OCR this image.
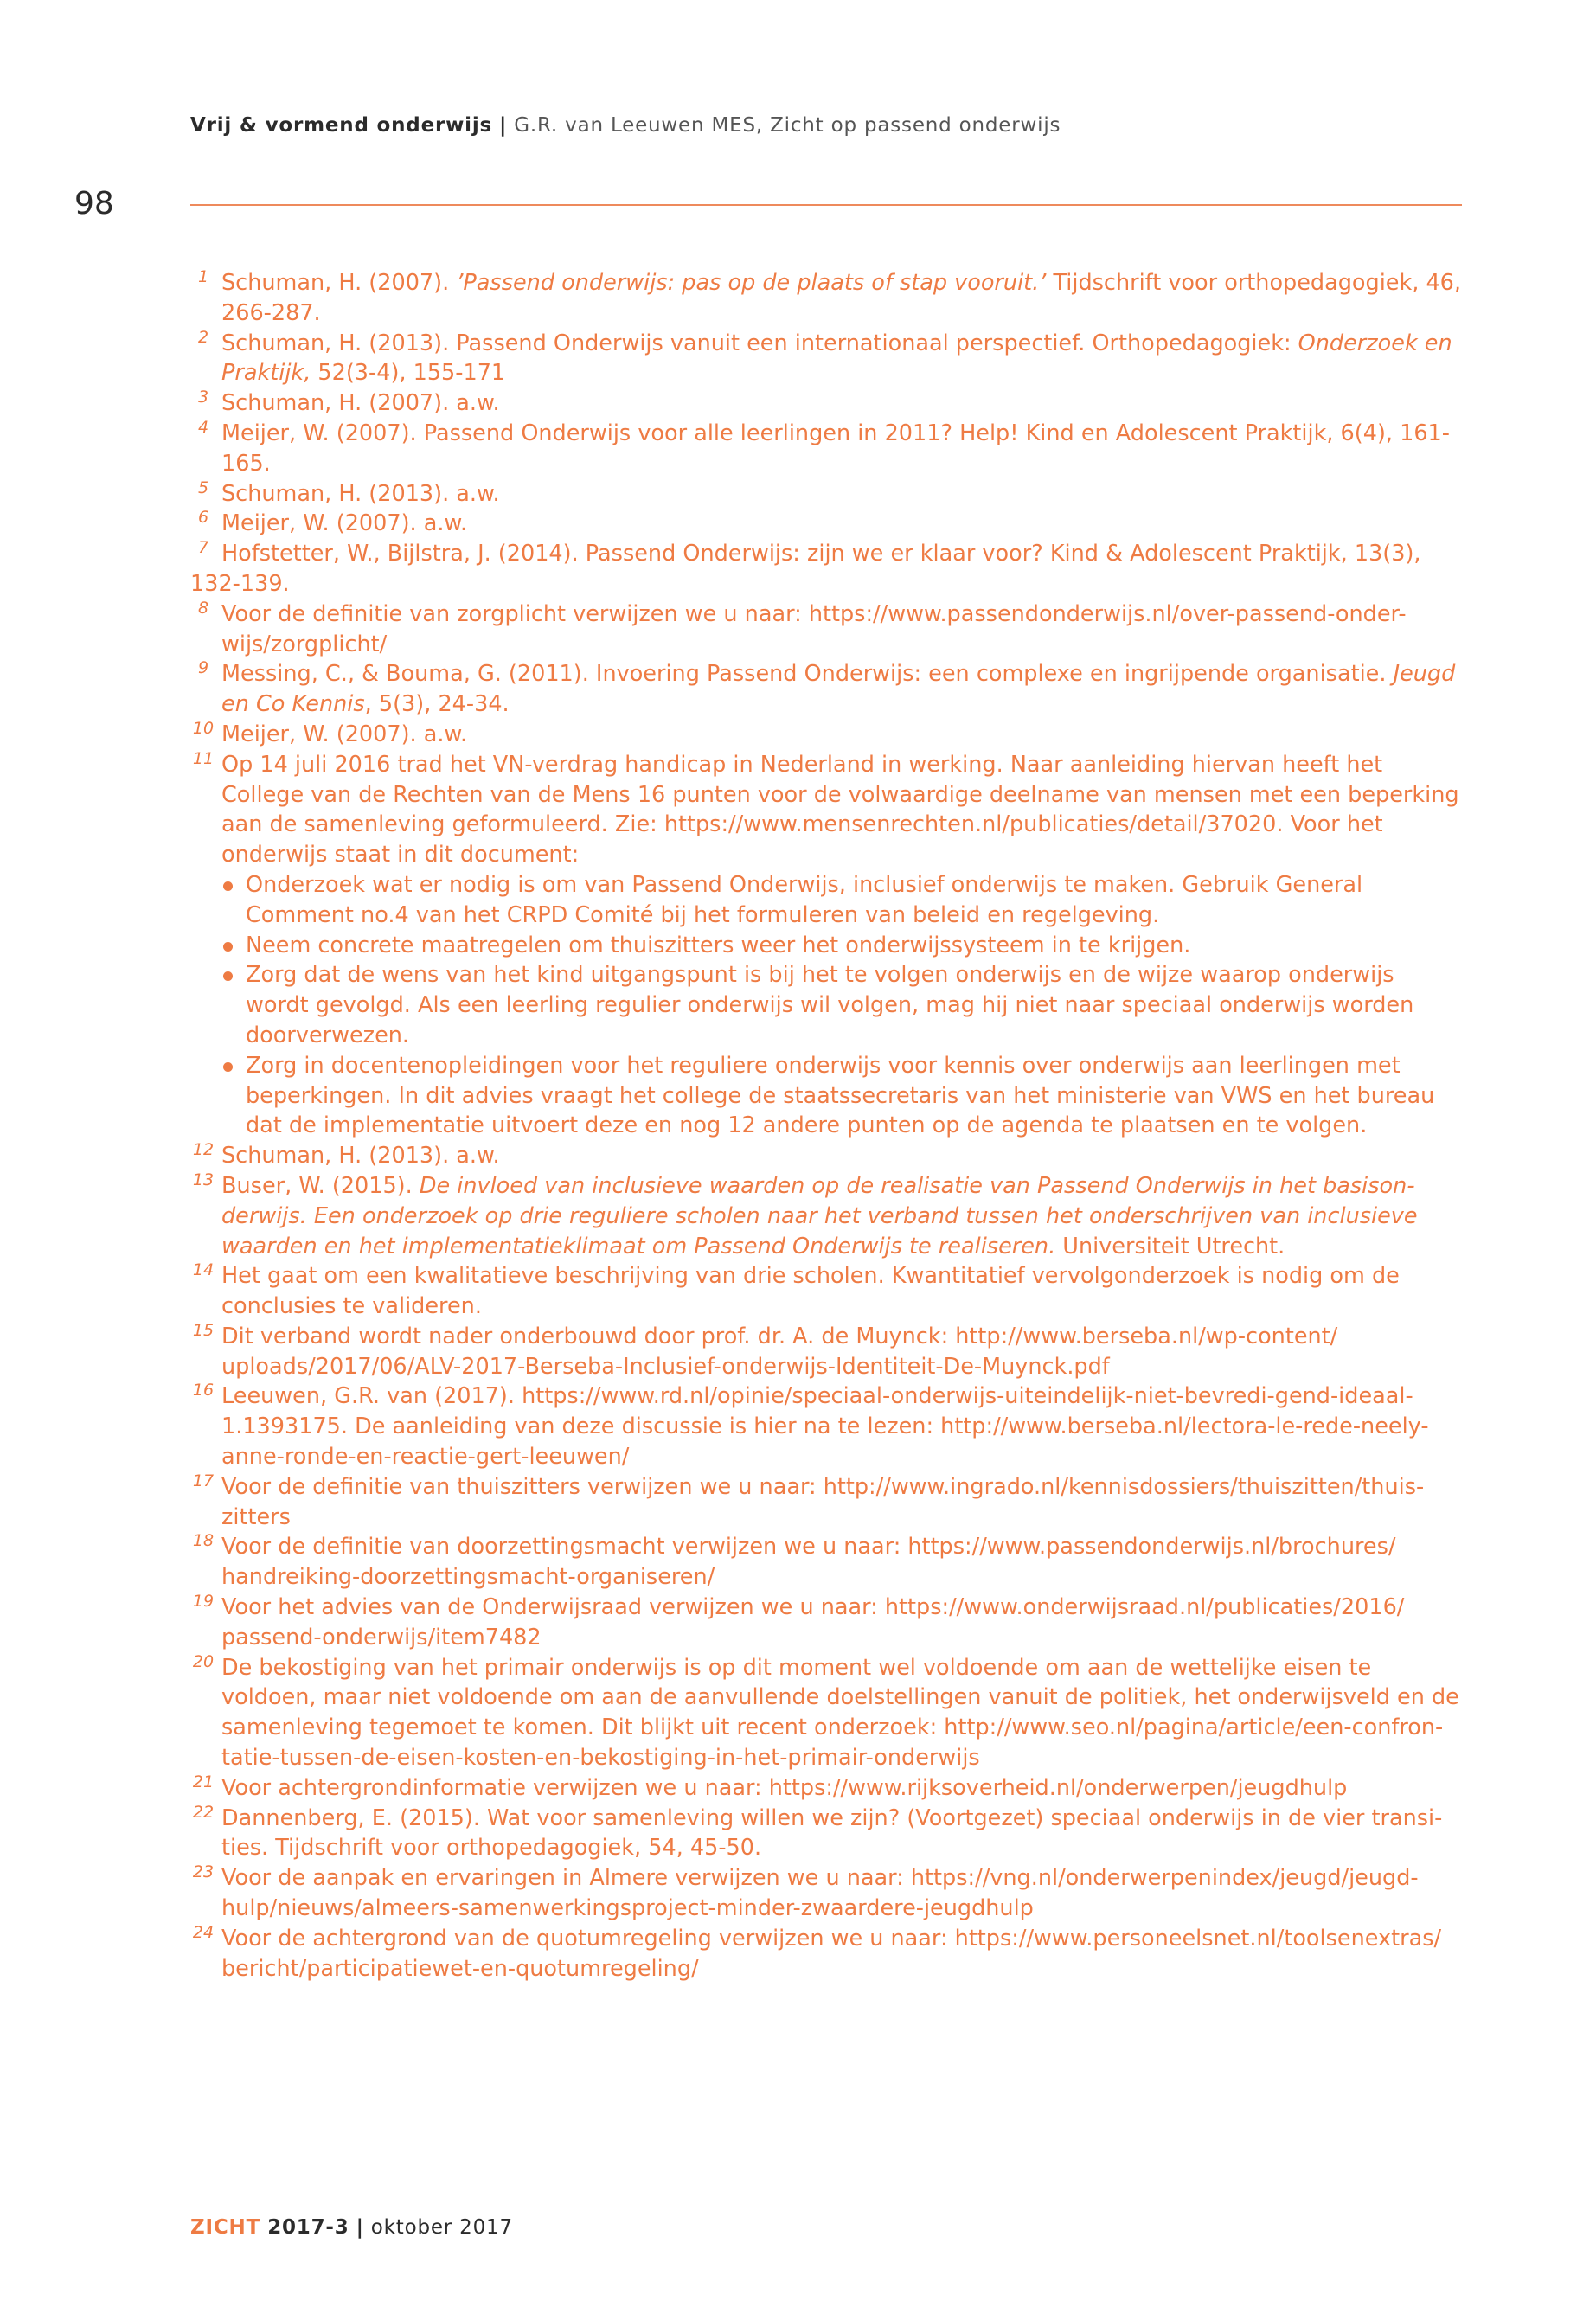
Vrij & vormend onderwijs | G.R. van Leeuwen MES, Zicht op passend onderwijs
98
1 Schuman, H. (2007). ’Passend onderwijs: pas op de plaats of stap vooruit.’ Tijdschrift voor orthopedagogiek, 46, 266-287.
2 Schuman, H. (2013). Passend Onderwijs vanuit een internationaal perspectief. Orthopedagogiek: Onderzoek en Praktijk, 52(3-4), 155-171
3 Schuman, H. (2007). a.w.
4 Meijer, W. (2007). Passend Onderwijs voor alle leerlingen in 2011? Help! Kind en Adolescent Praktijk, 6(4), 161-165.
5 Schuman, H. (2013). a.w.
6 Meijer, W. (2007). a.w.
7 Hofstetter, W., Bijlstra, J. (2014). Passend Onderwijs: zijn we er klaar voor? Kind & Adolescent Praktijk, 13(3),
132-139.
8 Voor de definitie van zorgplicht verwijzen we u naar: https://www.passendonderwijs.nl/over-passend-onder-wijs/zorgplicht/
9 Messing, C., & Bouma, G. (2011). Invoering Passend Onderwijs: een complexe en ingrijpende organisatie. Jeugd en Co Kennis, 5(3), 24-34.
10 Meijer, W. (2007). a.w.
11 Op 14 juli 2016 trad het VN-verdrag handicap in Nederland in werking. Naar aanleiding hiervan heeft het College van de Rechten van de Mens 16 punten voor de volwaardige deelname van mensen met een beperking aan de samenleving geformuleerd. Zie: https://www.mensenrechten.nl/publicaties/detail/37020. Voor het onderwijs staat in dit document:
Onderzoek wat er nodig is om van Passend Onderwijs, inclusief onderwijs te maken. Gebruik General Comment no.4 van het CRPD Comité bij het formuleren van beleid en regelgeving.
Neem concrete maatregelen om thuiszitters weer het onderwijssysteem in te krijgen.
Zorg dat de wens van het kind uitgangspunt is bij het te volgen onderwijs en de wijze waarop onderwijs wordt gevolgd. Als een leerling regulier onderwijs wil volgen, mag hij niet naar speciaal onderwijs worden doorverwezen.
Zorg in docentenopleidingen voor het reguliere onderwijs voor kennis over onderwijs aan leerlingen met beperkingen. In dit advies vraagt het college de staatssecretaris van het ministerie van VWS en het bureau dat de implementatie uitvoert deze en nog 12 andere punten op de agenda te plaatsen en te volgen.
12 Schuman, H. (2013). a.w.
13 Buser, W. (2015). De invloed van inclusieve waarden op de realisatie van Passend Onderwijs in het basison-derwijs. Een onderzoek op drie reguliere scholen naar het verband tussen het onderschrijven van inclusieve waarden en het implementatieklimaat om Passend Onderwijs te realiseren. Universiteit Utrecht.
14 Het gaat om een kwalitatieve beschrijving van drie scholen. Kwantitatief vervolgonderzoek is nodig om de conclusies te valideren.
15 Dit verband wordt nader onderbouwd door prof. dr. A. de Muynck: http://www.berseba.nl/wp-content/ uploads/2017/06/ALV-2017-Berseba-Inclusief-onderwijs-Identiteit-De-Muynck.pdf
16 Leeuwen, G.R. van (2017). https://www.rd.nl/opinie/speciaal-onderwijs-uiteindelijk-niet-bevredi-gend-ideaal-1.1393175. De aanleiding van deze discussie is hier na te lezen: http://www.berseba.nl/lectora-le-rede-neely-anne-ronde-en-reactie-gert-leeuwen/
17 Voor de definitie van thuiszitters verwijzen we u naar: http://www.ingrado.nl/kennisdossiers/thuiszitten/thuis-zitters
18 Voor de definitie van doorzettingsmacht verwijzen we u naar: https://www.passendonderwijs.nl/brochures/ handreiking-doorzettingsmacht-organiseren/
19 Voor het advies van de Onderwijsraad verwijzen we u naar: https://www.onderwijsraad.nl/publicaties/2016/ passend-onderwijs/item7482
20 De bekostiging van het primair onderwijs is op dit moment wel voldoende om aan de wettelijke eisen te voldoen, maar niet voldoende om aan de aanvullende doelstellingen vanuit de politiek, het onderwijsveld en de samenleving tegemoet te komen. Dit blijkt uit recent onderzoek: http://www.seo.nl/pagina/article/een-confron-tatie-tussen-de-eisen-kosten-en-bekostiging-in-het-primair-onderwijs
21 Voor achtergrondinformatie verwijzen we u naar: https://www.rijksoverheid.nl/onderwerpen/jeugdhulp
22 Dannenberg, E. (2015). Wat voor samenleving willen we zijn? (Voortgezet) speciaal onderwijs in de vier transi-ties. Tijdschrift voor orthopedagogiek, 54, 45-50.
23 Voor de aanpak en ervaringen in Almere verwijzen we u naar: https://vng.nl/onderwerpenindex/jeugd/jeugd-hulp/nieuws/almeers-samenwerkingsproject-minder-zwaardere-jeugdhulp
24 Voor de achtergrond van de quotumregeling verwijzen we u naar: https://www.personeelsnet.nl/toolsenextras/ bericht/participatiewet-en-quotumregeling/
ZICHT 2017-3 | oktober 2017
